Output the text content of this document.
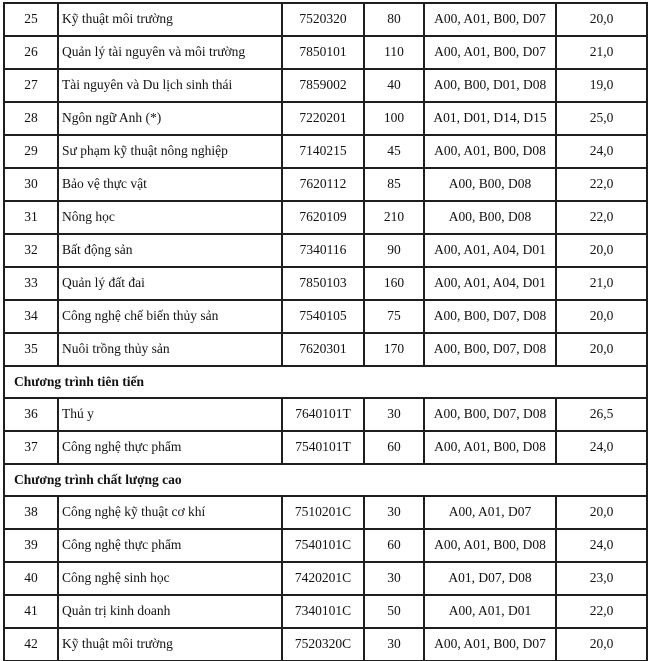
25	Kỹ thuật môi trường	7520320	80	A00, A01, B00, D07	20,0
26	Quản lý tài nguyên và môi trường	7850101	110	A00, A01, B00, D07	21,0
27	Tài nguyên và Du lịch sinh thái	7859002	40	A00, B00, D01, D08	19,0
28	Ngôn ngữ Anh (*)	7220201	100	A01, D01, D14, D15	25,0
29	Sư phạm kỹ thuật nông nghiệp	7140215	45	A00, A01, B00, D08	24,0
30	Bảo vệ thực vật	7620112	85	A00, B00, D08	22,0
31	Nông học	7620109	210	A00, B00, D08	22,0
32	Bất động sản	7340116	90	A00, A01, A04, D01	20,0
33	Quản lý đất đai	7850103	160	A00, A01, A04, D01	21,0
34	Công nghệ chế biến thủy sản	7540105	75	A00, B00, D07, D08	20,0
35	Nuôi trồng thủy sản	7620301	170	A00, B00, D07, D08	20,0
Chương trình tiên tiến					
36	Thú y	7640101T	30	A00, B00, D07, D08	26,5
37	Công nghệ thực phẩm	7540101T	60	A00, A01, B00, D08	24,0
Chương trình chất lượng cao					
38	Công nghệ kỹ thuật cơ khí	7510201C	30	A00, A01, D07	20,0
39	Công nghệ thực phẩm	7540101C	60	A00, A01, B00, D08	24,0
40	Công nghệ sinh học	7420201C	30	A01, D07, D08	23,0
41	Quản trị kinh doanh	7340101C	50	A00, A01, D01	22,0
42	Kỹ thuật môi trường	7520320C	30	A00, A01, B00, D07	20,0
